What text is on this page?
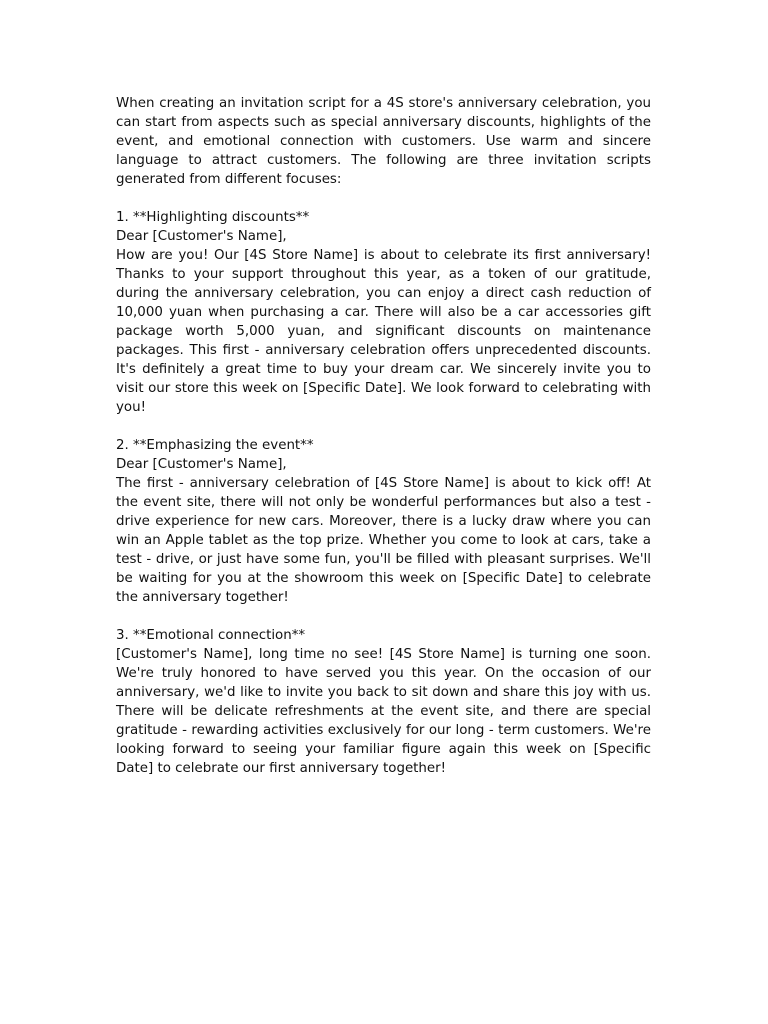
When creating an invitation script for a 4S store's anniversary celebration, you can start from aspects such as special anniversary discounts, highlights of the event, and emotional connection with customers. Use warm and sincere language to attract customers. The following are three invitation scripts generated from different focuses:

1. **Highlighting discounts**

Dear [Customer's Name],

How are you! Our [4S Store Name] is about to celebrate its first anniversary! Thanks to your support throughout this year, as a token of our gratitude, during the anniversary celebration, you can enjoy a direct cash reduction of 10,000 yuan when purchasing a car. There will also be a car accessories gift package worth 5,000 yuan, and significant discounts on maintenance packages. This first - anniversary celebration offers unprecedented discounts. It's definitely a great time to buy your dream car. We sincerely invite you to visit our store this week on [Specific Date]. We look forward to celebrating with you!

2. **Emphasizing the event**

Dear [Customer's Name],

The first - anniversary celebration of [4S Store Name] is about to kick off! At the event site, there will not only be wonderful performances but also a test - drive experience for new cars. Moreover, there is a lucky draw where you can win an Apple tablet as the top prize. Whether you come to look at cars, take a test - drive, or just have some fun, you'll be filled with pleasant surprises. We'll be waiting for you at the showroom this week on [Specific Date] to celebrate the anniversary together!

3. **Emotional connection**

[Customer's Name], long time no see! [4S Store Name] is turning one soon. We're truly honored to have served you this year. On the occasion of our anniversary, we'd like to invite you back to sit down and share this joy with us. There will be delicate refreshments at the event site, and there are special gratitude - rewarding activities exclusively for our long - term customers. We're looking forward to seeing your familiar figure again this week on [Specific Date] to celebrate our first anniversary together!
